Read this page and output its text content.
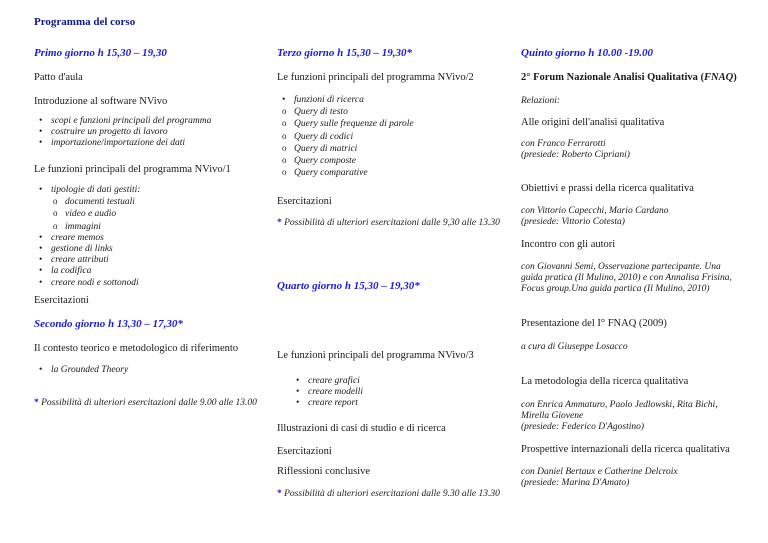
Programma del corso
Primo giorno h 15,30 – 19,30
Patto d'aula
Introduzione al software NVivo
• scopi e funzioni principali del programma
• costruire un progetto di lavoro
• importazione/importazione dei dati
Le funzioni principali del programma NVivo/1
• tipologie di dati gestiti:
o documenti testuali
o video e audio
o immagini
• creare memos
• gestione di links
• creare attributi
• la codifica
• creare nodi e sottonodi
Esercitazioni
Secondo giorno h 13,30 – 17,30*
Il contesto teorico e metodologico di riferimento
• la Grounded Theory
* Possibilità di ulteriori esercitazioni dalle 9.00 alle 13.00
Terzo giorno h 15,30 – 19,30*
Le funzioni principali del programma NVivo/2
• funzioni di ricerca
o Query di testo
o Query sulle frequenze di parole
o Query di codici
o Query di matrici
o Query composte
o Query comparative
Esercitazioni
* Possibilità di ulteriori esercitazioni dalle 9,30 alle 13.30
Quarto giorno h 15,30 – 19,30*
Le funzioni principali del programma NVivo/3
• creare grafici
• creare modelli
• creare report
Illustrazioni di casi di studio e di ricerca
Esercitazioni
Riflessioni conclusive
* Possibilità di ulteriori esercitazioni dalle 9.30 alle 13.30
Quinto giorno h 10.00 -19.00
2° Forum Nazionale Analisi Qualitativa (FNAQ)
Relazioni:
Alle origini dell'analisi qualitativa
con Franco Ferrarotti
(presiede: Roberto Cipriani)
Obiettivi e prassi della ricerca qualitativa
con Vittorio Capecchi, Mario Cardano
(presiede: Vittorio Cotesta)
Incontro con gli autori
con Giovanni Semi, Osservazione partecipante. Una guida pratica (Il Mulino, 2010) e con Annalisa Frisina, Focus group.Una guida partica (Il Mulino, 2010)
Presentazione del I° FNAQ (2009)
a cura di Giuseppe Losacco
La metodologia della ricerca qualitativa
con Enrica Ammaturo, Paolo Jedlowski, Rita Bichi, Mirella Giovene
(presiede: Federico D'Agostino)
Prospettive internazionali della ricerca qualitativa
con Daniel Bertaux e Catherine Delcroix
(presiede: Marina D'Amato)
